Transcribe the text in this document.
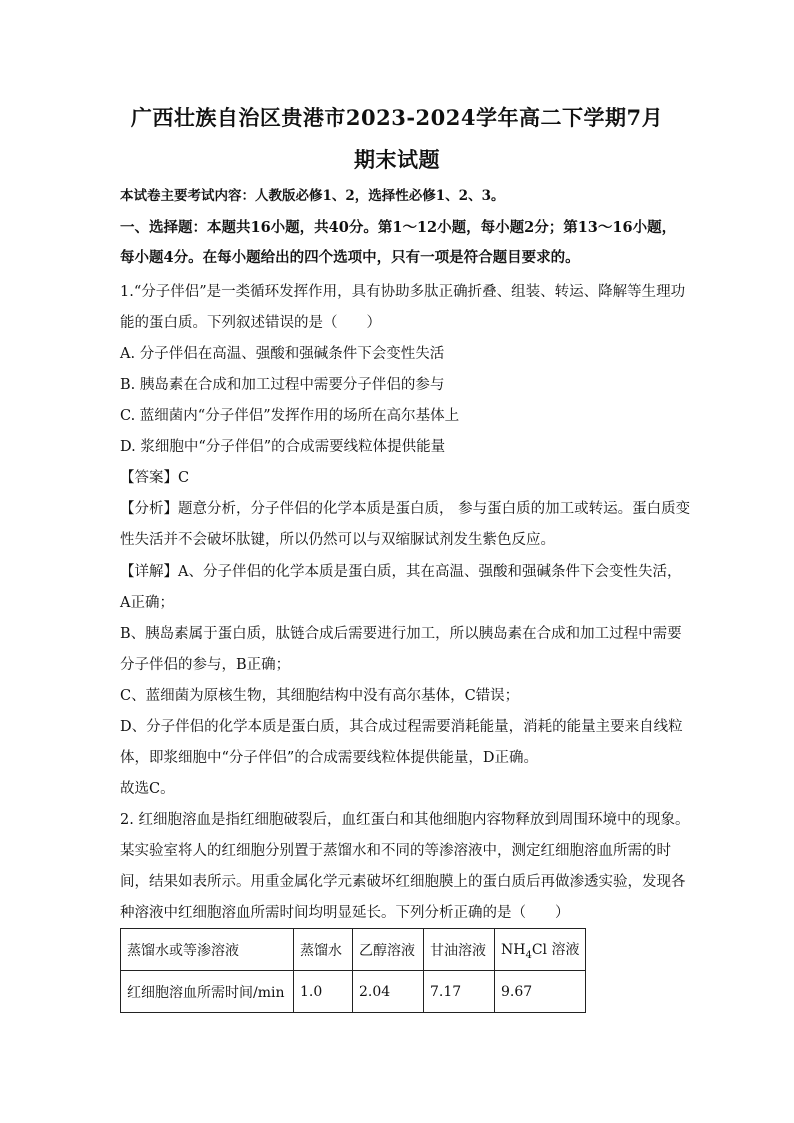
广西壮族自治区贵港市2023-2024学年高二下学期7月
期末试题
本试卷主要考试内容：人教版必修1、2，选择性必修1、2、3。
一、选择题：本题共16小题，共40分。第1～12小题，每小题2分；第13～16小题，
每小题4分。在每小题给出的四个选项中，只有一项是符合题目要求的。
1.“分子伴侣”是一类循环发挥作用，具有协助多肽正确折叠、组装、转运、降解等生理功
能的蛋白质。下列叙述错误的是（　　）
A. 分子伴侣在高温、强酸和强碱条件下会变性失活
B. 胰岛素在合成和加工过程中需要分子伴侣的参与
C. 蓝细菌内“分子伴侣”发挥作用的场所在高尔基体上
D. 浆细胞中“分子伴侣”的合成需要线粒体提供能量
【答案】C
【分析】题意分析，分子伴侣的化学本质是蛋白质， 参与蛋白质的加工或转运。蛋白质变
性失活并不会破坏肽键，所以仍然可以与双缩脲试剂发生紫色反应。
【详解】A、分子伴侣的化学本质是蛋白质，其在高温、强酸和强碱条件下会变性失活，
A正确；
B、胰岛素属于蛋白质，肽链合成后需要进行加工，所以胰岛素在合成和加工过程中需要
分子伴侣的参与，B正确；
C、蓝细菌为原核生物，其细胞结构中没有高尔基体，C错误；
D、分子伴侣的化学本质是蛋白质，其合成过程需要消耗能量，消耗的能量主要来自线粒
体，即浆细胞中“分子伴侣”的合成需要线粒体提供能量，D正确。
故选C。
2. 红细胞溶血是指红细胞破裂后，血红蛋白和其他细胞内容物释放到周围环境中的现象。
某实验室将人的红细胞分别置于蒸馏水和不同的等渗溶液中，测定红细胞溶血所需的时
间，结果如表所示。用重金属化学元素破坏红细胞膜上的蛋白质后再做渗透实验，发现各
种溶液中红细胞溶血所需时间均明显延长。下列分析正确的是（　　）
蒸馏水或等渗溶液	蒸馏水	乙醇溶液	甘油溶液	$NH_4Cl$ 溶液
红细胞溶血所需时间/min	1.0	2.04	7.17	9.67
